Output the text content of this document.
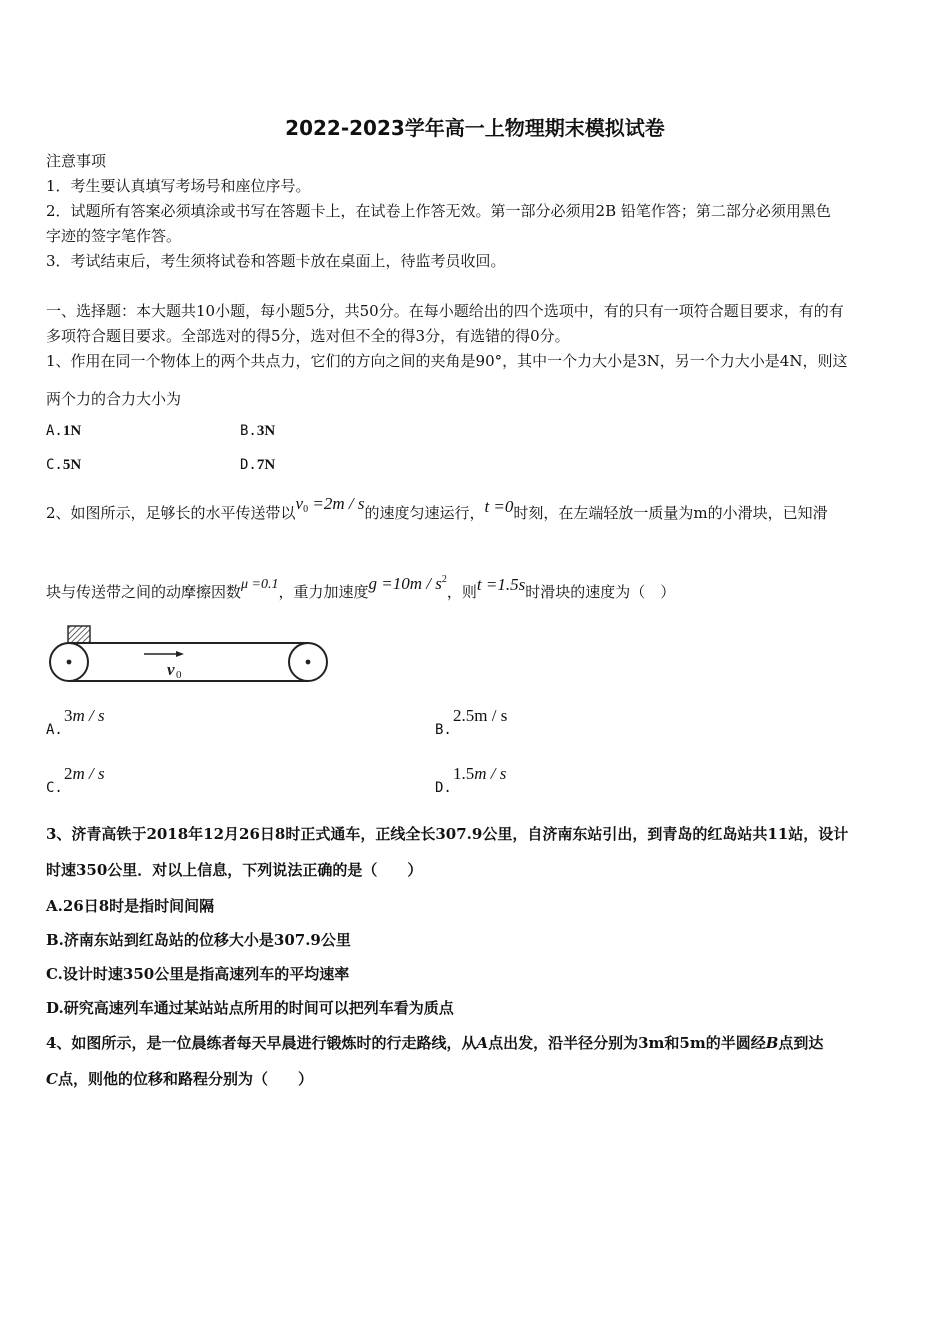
2022-2023学年高一上物理期末模拟试卷
注意事项
1．考生要认真填写考场号和座位序号。
2．试题所有答案必须填涂或书写在答题卡上，在试卷上作答无效。第一部分必须用2B 铅笔作答；第二部分必须用黑色
字迹的签字笔作答。
3．考试结束后，考生须将试卷和答题卡放在桌面上，待监考员收回。
一、选择题：本大题共10小题，每小题5分，共50分。在每小题给出的四个选项中，有的只有一项符合题目要求，有的有
多项符合题目要求。全部选对的得5分，选对但不全的得3分，有选错的得0分。
1、作用在同一个物体上的两个共点力，它们的方向之间的夹角是90°，其中一个力大小是3N，另一个力大小是4N，则这
两个力的合力大小为
A.1N	B.3N
C.5N	D.7N
2、如图所示，足够长的水平传送带以$v_0 =2m / s$的速度匀速运行，t =0时刻，在左端轻放一质量为m的小滑块，已知滑
块与传送带之间的动摩擦因数μ =0.1，重力加速度$g =10m / s^2$，则t =1.5s时滑块的速度为（　）
v 0
A.
3m / s
B.
2.5m / s
C.
2m / s
D.
1.5m / s
3、济青高铁于2018年12月26日8时正式通车，正线全长307.9公里，自济南东站引出，到青岛的红岛站共11站，设计
时速350公里．对以上信息，下列说法正确的是（　　）
A.26日8时是指时间间隔
B.济南东站到红岛站的位移大小是307.9公里
C.设计时速350公里是指高速列车的平均速率
D.研究高速列车通过某站站点所用的时间可以把列车看为质点
4、如图所示，是一位晨练者每天早晨进行锻炼时的行走路线，从A点出发，沿半径分别为3m和5m的半圆经B点到达
C点，则他的位移和路程分别为（　　）
